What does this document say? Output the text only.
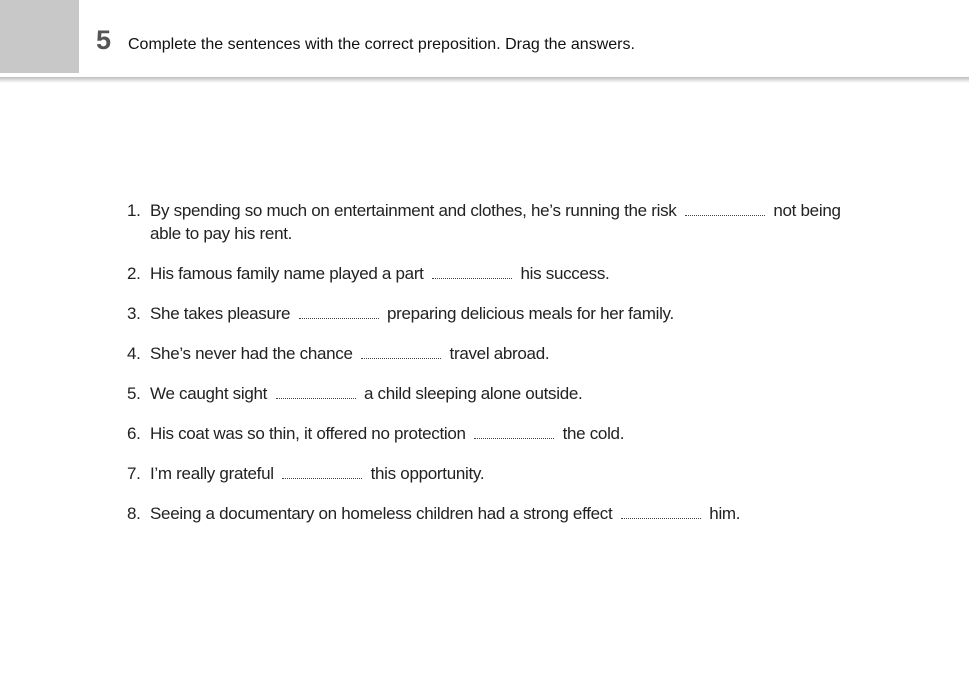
5 Complete the sentences with the correct preposition. Drag the answers.
1. By spending so much on entertainment and clothes, he’s running the risk	not being able to pay his rent.
2. His famous family name played a part	his success.
3. She takes pleasure	preparing delicious meals for her family.
4. She’s never had the chance	travel abroad.
5. We caught sight	a child sleeping alone outside.
6. His coat was so thin, it offered no protection	the cold.
7. I’m really grateful	this opportunity.
8. Seeing a documentary on homeless children had a strong effect	him.
